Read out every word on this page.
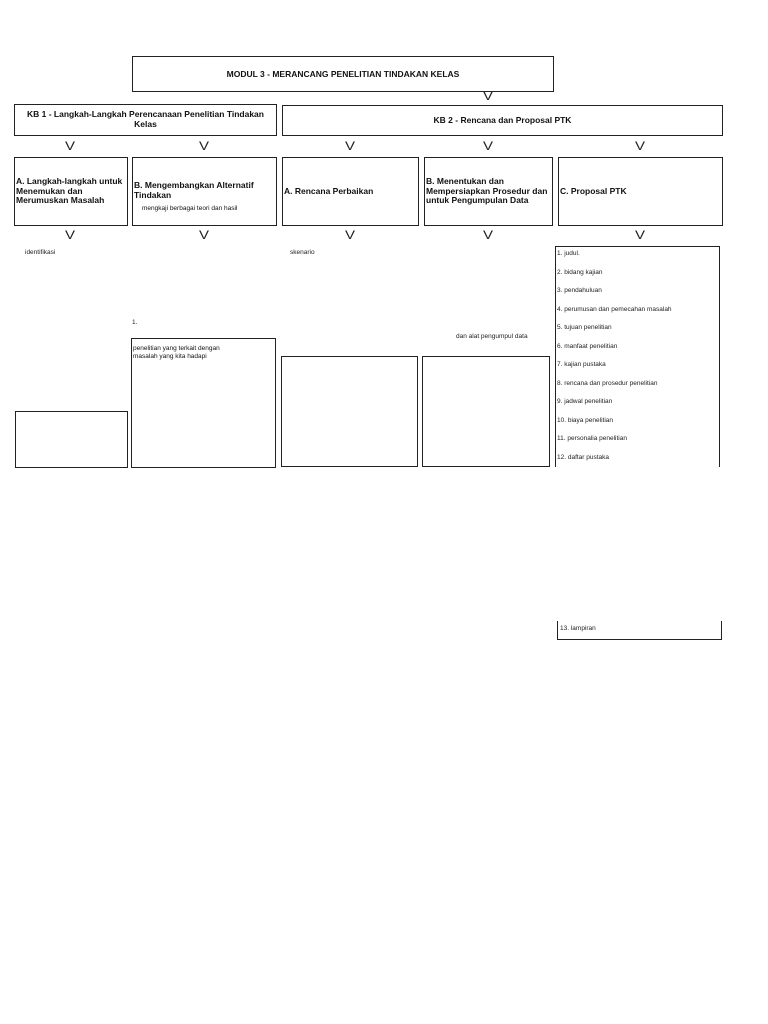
MODUL 3 - MERANCANG PENELITIAN TINDAKAN KELAS
V
KB 1 - Langkah-Langkah Perencanaan Penelitian Tindakan Kelas	KB 2 - Rencana dan Proposal PTK
V	V	V	V	V
A. Langkah-langkah untuk Menemukan dan Merumuskan Masalah
B. Mengembangkan Alternatif Tindakan
mengkaji berbagai teori dan hasil
A. Rencana Perbaikan
B. Menentukan dan Mempersiapkan Prosedur dan untuk Pengumpulan Data
C. Proposal PTK
V	V	V	V	V
identifikasi	skenario
1.
dan alat pengumpul data
penelitian yang terkait dengan masalah yang kita hadapi
1. judul.
2. bidang kajian
3. pendahuluan
4. perumusan dan pemecahan masalah
5. tujuan penelitian
6. manfaat penelitian
7. kajian pustaka
8. rencana dan prosedur penelitian
9. jadwal penelitian
10. biaya penelitian
11. personalia penelitian
12. daftar pustaka
13. lampiran
